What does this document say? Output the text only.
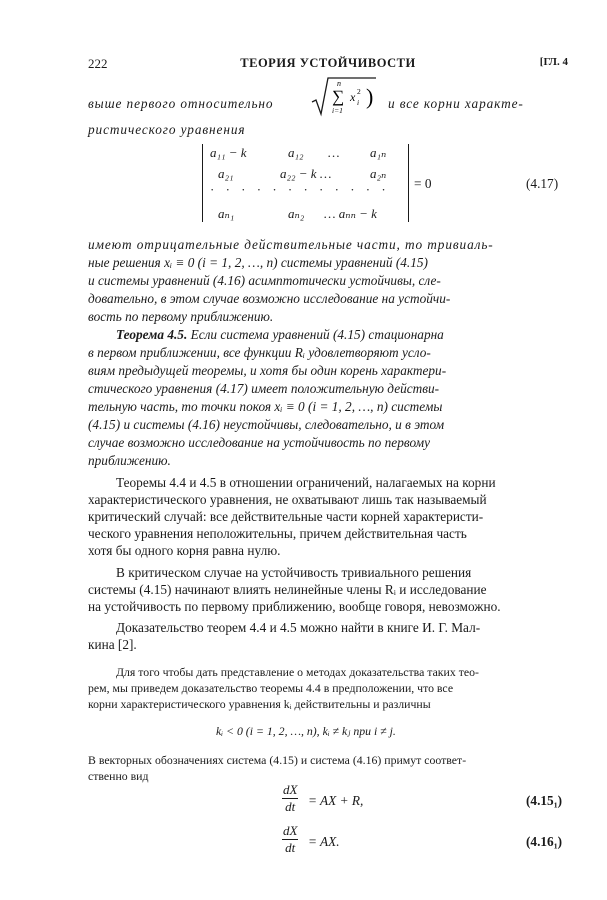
222	ТЕОРИЯ УСТОЙЧИВОСТИ	[ГЛ. 4
выше первого относительно
n
∑
i=1
x 2
i ) и все корни характе-
ристического уравнения
a₁₁ − k	a₁₂ … a₁ₙ
a₂₁	a₂₂ − k …	a₂ₙ
· · · · · · · · · · · ·
aₙ₁	aₙ₂ … aₙₙ − k
= 0	(4.17)
имеют отрицательные действительные части, то тривиаль-
ные решения xᵢ ≡ 0 (i = 1, 2, …, n) системы уравнений (4.15)
и системы уравнений (4.16) асимптотически устойчивы, сле-
довательно, в этом случае возможно исследование на устойчи-
вость по первому приближению.
Теорема 4.5. Если система уравнений (4.15) стационарна
в первом приближении, все функции Rᵢ удовлетворяют усло-
виям предыдущей теоремы, и хотя бы один корень характери-
стического уравнения (4.17) имеет положительную действи-
тельную часть, то точки покоя xᵢ ≡ 0 (i = 1, 2, …, n) системы
(4.15) и системы (4.16) неустойчивы, следовательно, и в этом
случае возможно исследование на устойчивость по первому
приближению.
Теоремы 4.4 и 4.5 в отношении ограничений, налагаемых на корни
характеристического уравнения, не охватывают лишь так называемый
критический случай: все действительные части корней характеристи-
ческого уравнения неположительны, причем действительная часть
хотя бы одного корня равна нулю.
В критическом случае на устойчивость тривиального решения
системы (4.15) начинают влиять нелинейные члены Rᵢ и исследование
на устойчивость по первому приближению, вообще говоря, невозможно.
Доказательство теорем 4.4 и 4.5 можно найти в книге И. Г. Мал-
кина [2].
Для того чтобы дать представление о методах доказательства таких тео-
рем, мы приведем доказательство теоремы 4.4 в предположении, что все
корни характеристического уравнения kᵢ действительны и различны
kᵢ < 0 (i = 1, 2, …, n), kᵢ ≠ kⱼ при i ≠ j.
В векторных обозначениях система (4.15) и система (4.16) примут соответ-
ственно вид
$\frac{dX}{dt}$ = AX + R,	(4.15₁)
$\frac{dX}{dt}$ = AX.	(4.16₁)
